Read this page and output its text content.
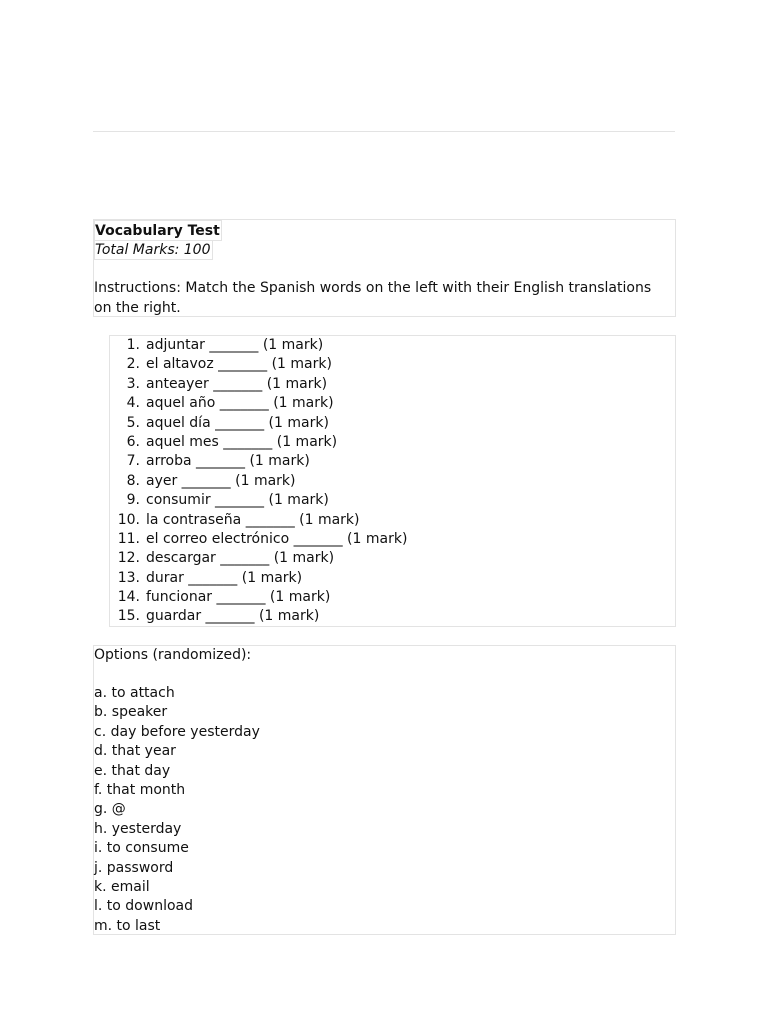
Vocabulary Test
Total Marks: 100
Instructions: Match the Spanish words on the left with their English translations on the right.
1. adjuntar _______ (1 mark)
2. el altavoz _______ (1 mark)
3. anteayer _______ (1 mark)
4. aquel año _______ (1 mark)
5. aquel día _______ (1 mark)
6. aquel mes _______ (1 mark)
7. arroba _______ (1 mark)
8. ayer _______ (1 mark)
9. consumir _______ (1 mark)
10. la contraseña _______ (1 mark)
11. el correo electrónico _______ (1 mark)
12. descargar _______ (1 mark)
13. durar _______ (1 mark)
14. funcionar _______ (1 mark)
15. guardar _______ (1 mark)
Options (randomized):
a. to attach
b. speaker
c. day before yesterday
d. that year
e. that day
f. that month
g. @
h. yesterday
i. to consume
j. password
k. email
l. to download
m. to last
